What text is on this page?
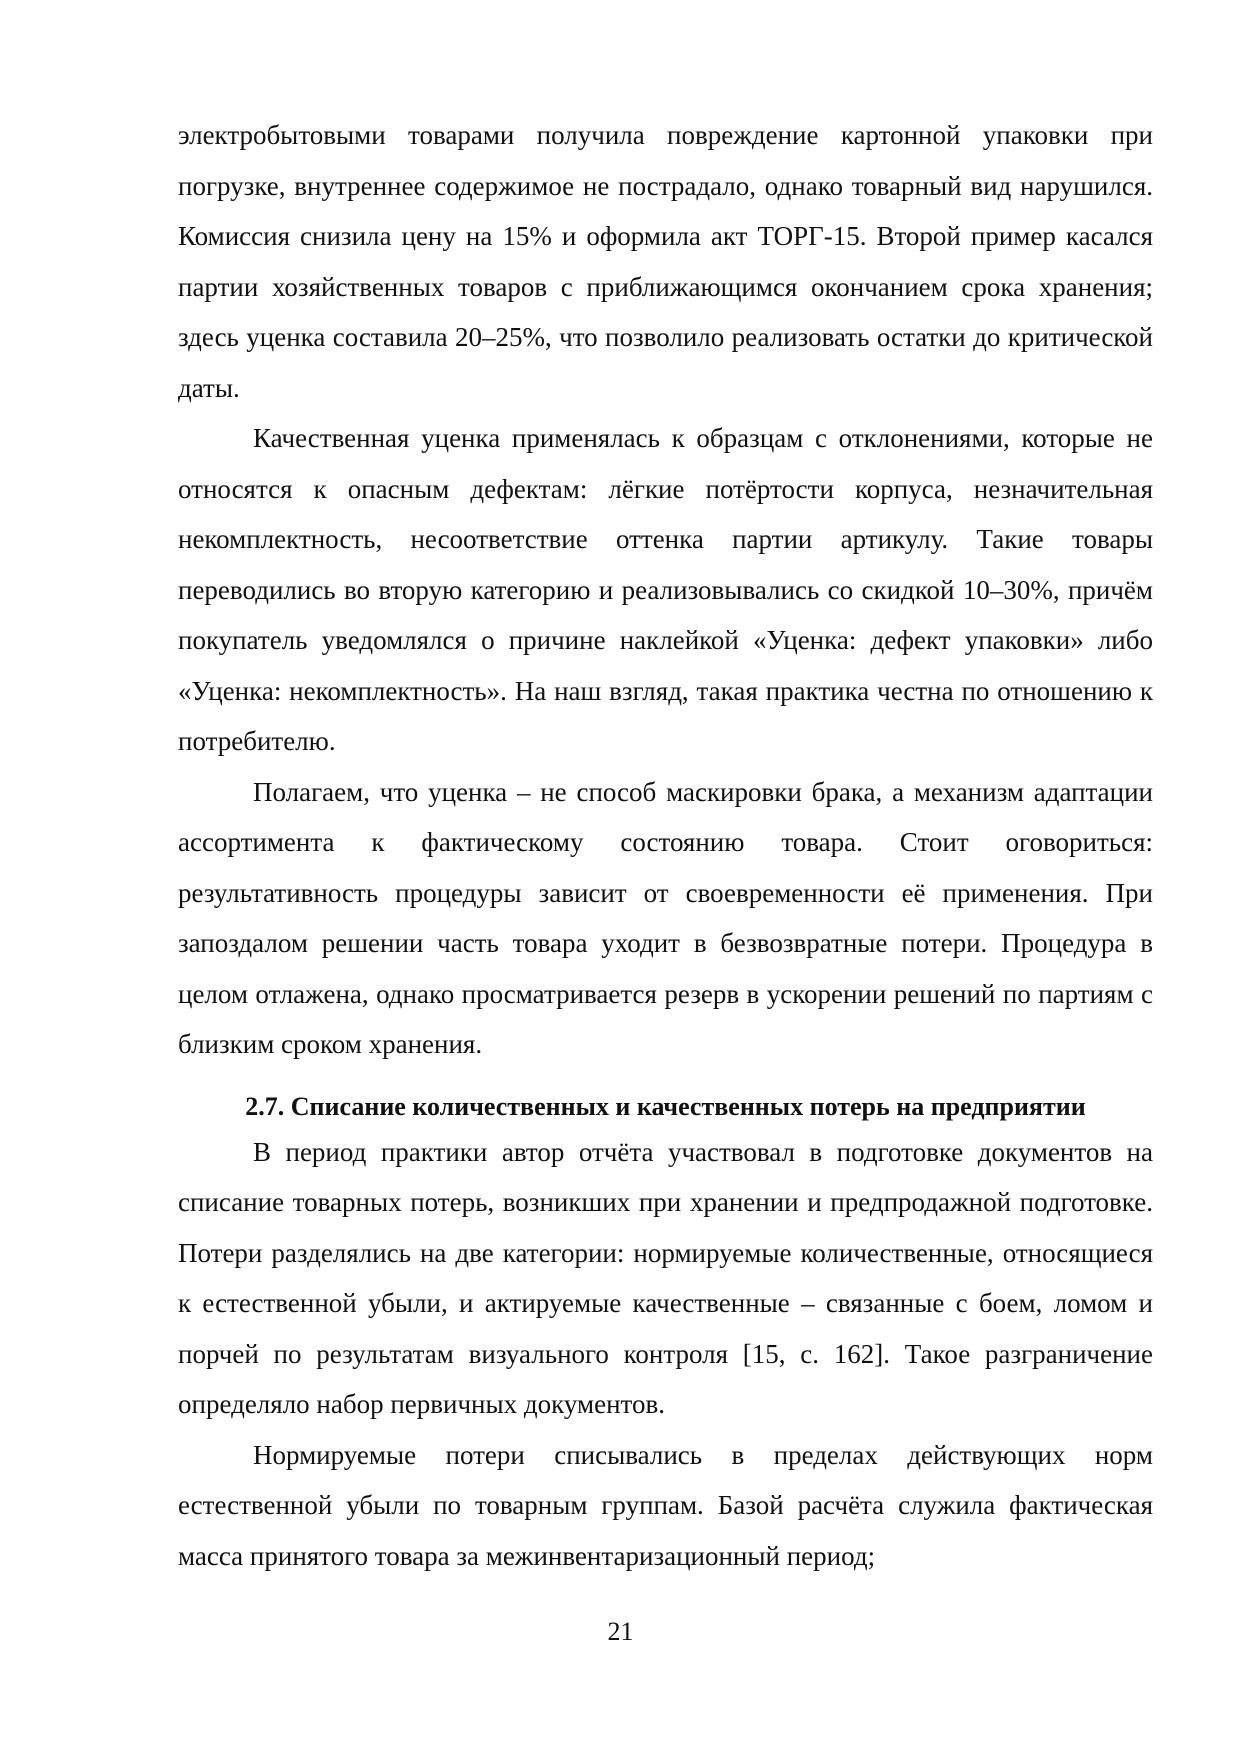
электробытовыми товарами получила повреждение картонной упаковки при погрузке, внутреннее содержимое не пострадало, однако товарный вид нарушился. Комиссия снизила цену на 15% и оформила акт ТОРГ-15. Второй пример касался партии хозяйственных товаров с приближающимся окончанием срока хранения; здесь уценка составила 20–25%, что позволило реализовать остатки до критической даты.

Качественная уценка применялась к образцам с отклонениями, которые не относятся к опасным дефектам: лёгкие потёртости корпуса, незначительная некомплектность, несоответствие оттенка партии артикулу. Такие товары переводились во вторую категорию и реализовывались со скидкой 10–30%, причём покупатель уведомлялся о причине наклейкой «Уценка: дефект упаковки» либо «Уценка: некомплектность». На наш взгляд, такая практика честна по отношению к потребителю.

Полагаем, что уценка – не способ маскировки брака, а механизм адаптации ассортимента к фактическому состоянию товара. Стоит оговориться: результативность процедуры зависит от своевременности её применения. При запоздалом решении часть товара уходит в безвозвратные потери. Процедура в целом отлажена, однако просматривается резерв в ускорении решений по партиям с близким сроком хранения.

2.7. Списание количественных и качественных потерь на предприятии

В период практики автор отчёта участвовал в подготовке документов на списание товарных потерь, возникших при хранении и предпродажной подготовке. Потери разделялись на две категории: нормируемые количественные, относящиеся к естественной убыли, и актируемые качественные – связанные с боем, ломом и порчей по результатам визуального контроля [15, с. 162]. Такое разграничение определяло набор первичных документов.

Нормируемые потери списывались в пределах действующих норм естественной убыли по товарным группам. Базой расчёта служила фактическая масса принятого товара за межинвентаризационный период;

21
